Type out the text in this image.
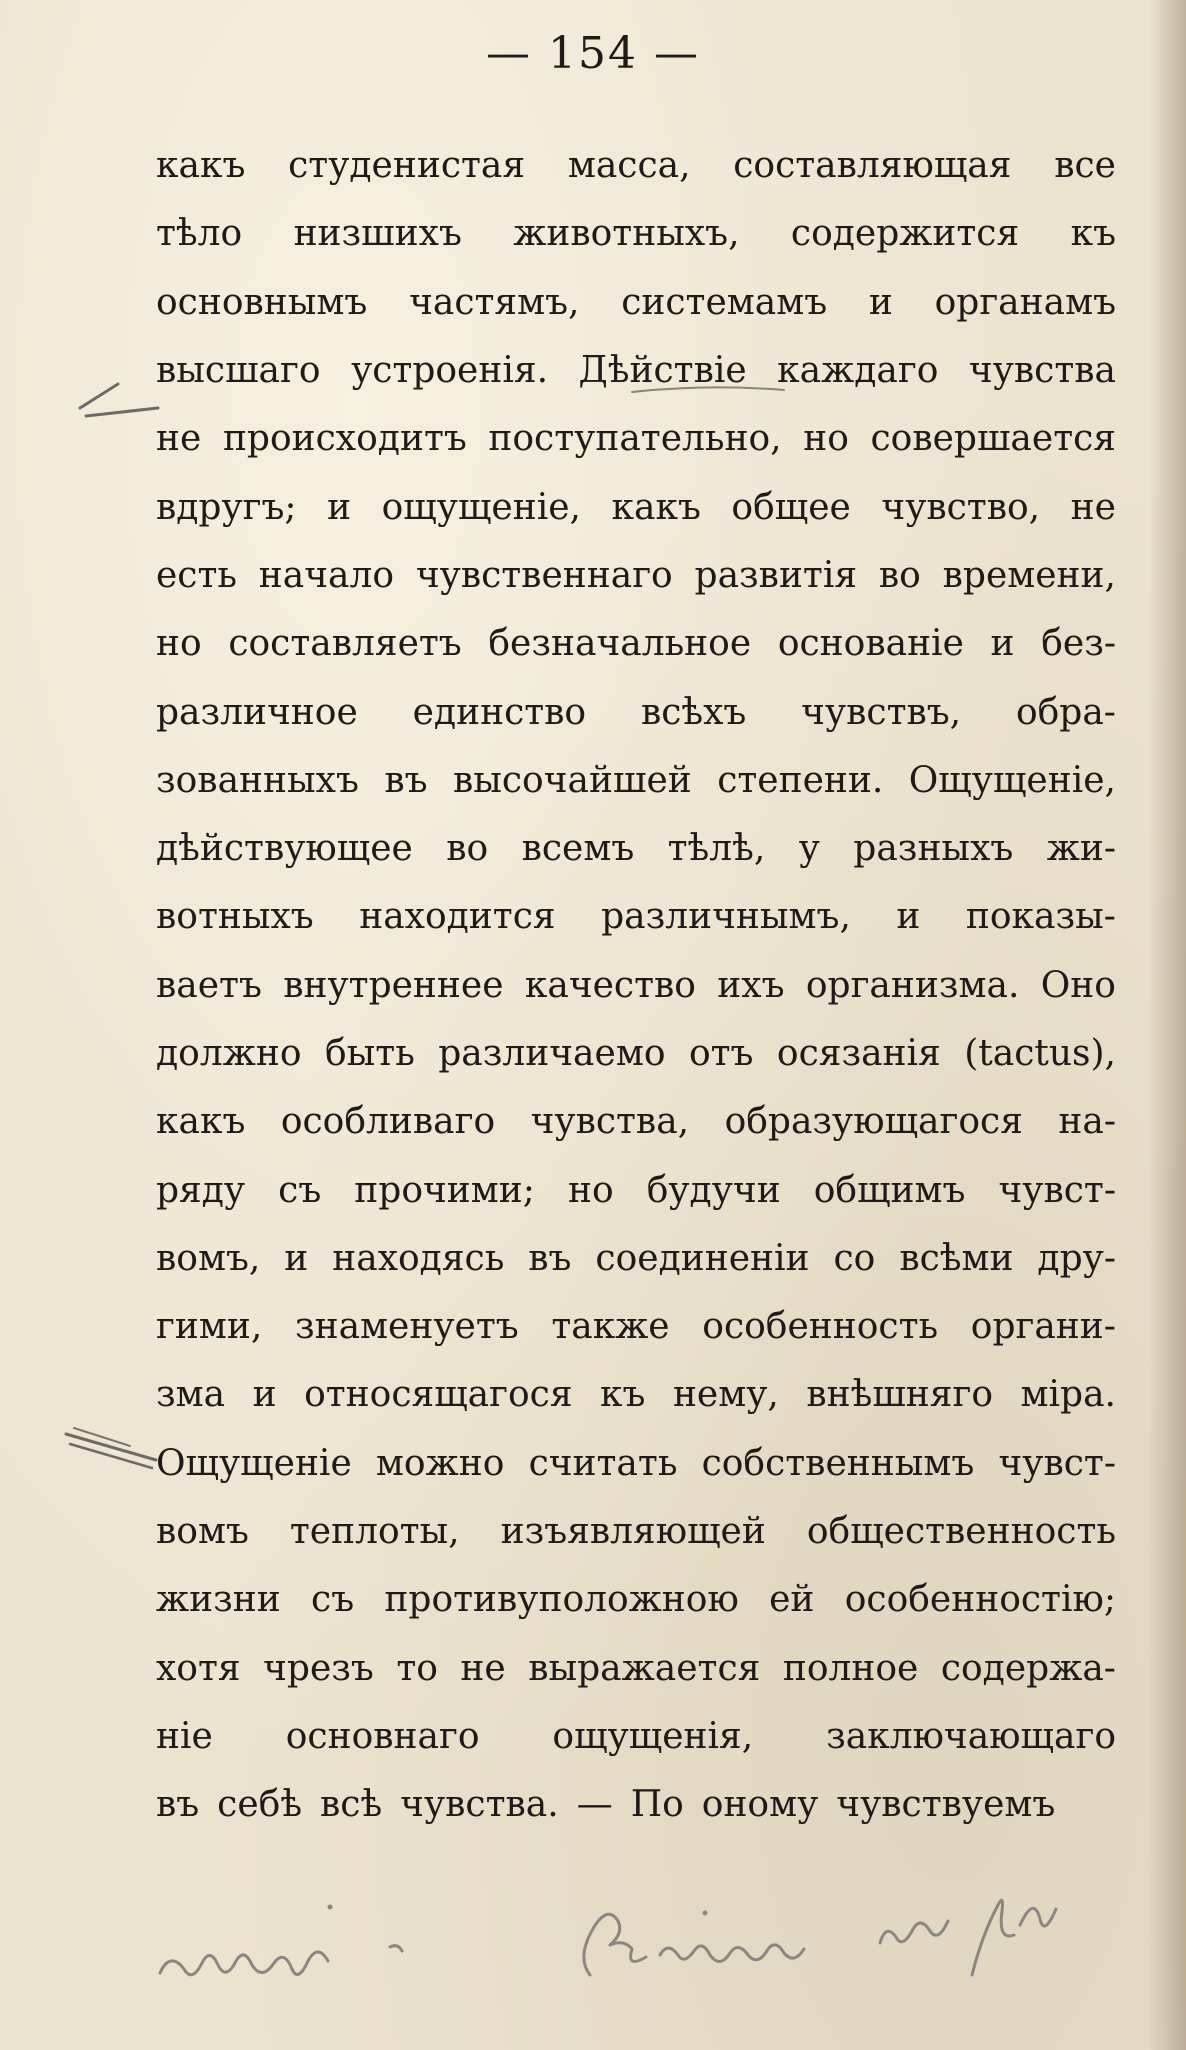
— 154 —
какъ студенистая масса, составляющая все
тѣло низшихъ животныхъ, содержится къ
основнымъ частямъ, системамъ и органамъ
высшаго устроенія. Дѣйствіе каждаго чувства
не происходитъ поступательно, но совершается
вдругъ; и ощущеніе, какъ общее чувство, не
есть начало чувственнаго развитія во времени,
но составляетъ безначальное основаніе и без-
различное единство всѣхъ чувствъ, обра-
зованныхъ въ высочайшей степени. Ощущеніе,
дѣйствующее во всемъ тѣлѣ, у разныхъ жи-
вотныхъ находится различнымъ, и показы-
ваетъ внутреннее качество ихъ организма. Оно
должно быть различаемо отъ осязанія (tactus),
какъ особливаго чувства, образующагося на-
ряду съ прочими; но будучи общимъ чувст-
вомъ, и находясь въ соединеніи со всѣми дру-
гими, знаменуетъ также особенность органи-
зма и относящагося къ нему, внѣшняго міра.
Ощущеніе можно считать собственнымъ чувст-
вомъ теплоты, изъявляющей общественность
жизни съ противуположною ей особенностію;
хотя чрезъ то не выражается полное содержа-
ніе основнаго ощущенія, заключающаго
въ себѣ всѣ чувства. — По оному чувствуемъ
